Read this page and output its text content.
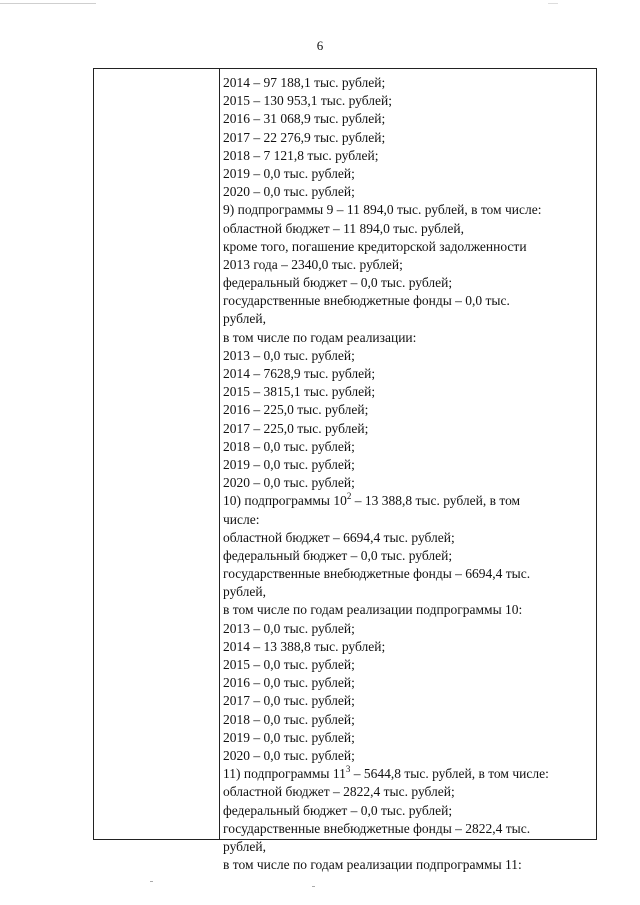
6
2014 – 97 188,1 тыс. рублей;
2015 – 130 953,1 тыс. рублей;
2016 – 31 068,9 тыс. рублей;
2017 – 22 276,9 тыс. рублей;
2018 – 7 121,8 тыс. рублей;
2019 – 0,0 тыс. рублей;
2020 – 0,0 тыс. рублей;
9) подпрограммы 9 – 11 894,0 тыс. рублей, в том числе:
областной бюджет – 11 894,0 тыс. рублей,
кроме того, погашение кредиторской задолженности
2013 года – 2340,0 тыс. рублей;
федеральный бюджет – 0,0 тыс. рублей;
государственные внебюджетные фонды – 0,0 тыс.
рублей,
в том числе по годам реализации:
2013 – 0,0 тыс. рублей;
2014 – 7628,9 тыс. рублей;
2015 – 3815,1 тыс. рублей;
2016 – 225,0 тыс. рублей;
2017 – 225,0 тыс. рублей;
2018 – 0,0 тыс. рублей;
2019 – 0,0 тыс. рублей;
2020 – 0,0 тыс. рублей;
10) подпрограммы $10^2 - 13$ 388,8 тыс. рублей, в том
числе:
областной бюджет – 6694,4 тыс. рублей;
федеральный бюджет – 0,0 тыс. рублей;
государственные внебюджетные фонды – 6694,4 тыс.
рублей,
в том числе по годам реализации подпрограммы 10:
2013 – 0,0 тыс. рублей;
2014 – 13 388,8 тыс. рублей;
2015 – 0,0 тыс. рублей;
2016 – 0,0 тыс. рублей;
2017 – 0,0 тыс. рублей;
2018 – 0,0 тыс. рублей;
2019 – 0,0 тыс. рублей;
2020 – 0,0 тыс. рублей;
11) подпрограммы $11^3 - 5644,8$ тыс. рублей, в том числе:
областной бюджет – 2822,4 тыс. рублей;
федеральный бюджет – 0,0 тыс. рублей;
государственные внебюджетные фонды – 2822,4 тыс.
рублей,
в том числе по годам реализации подпрограммы 11:
